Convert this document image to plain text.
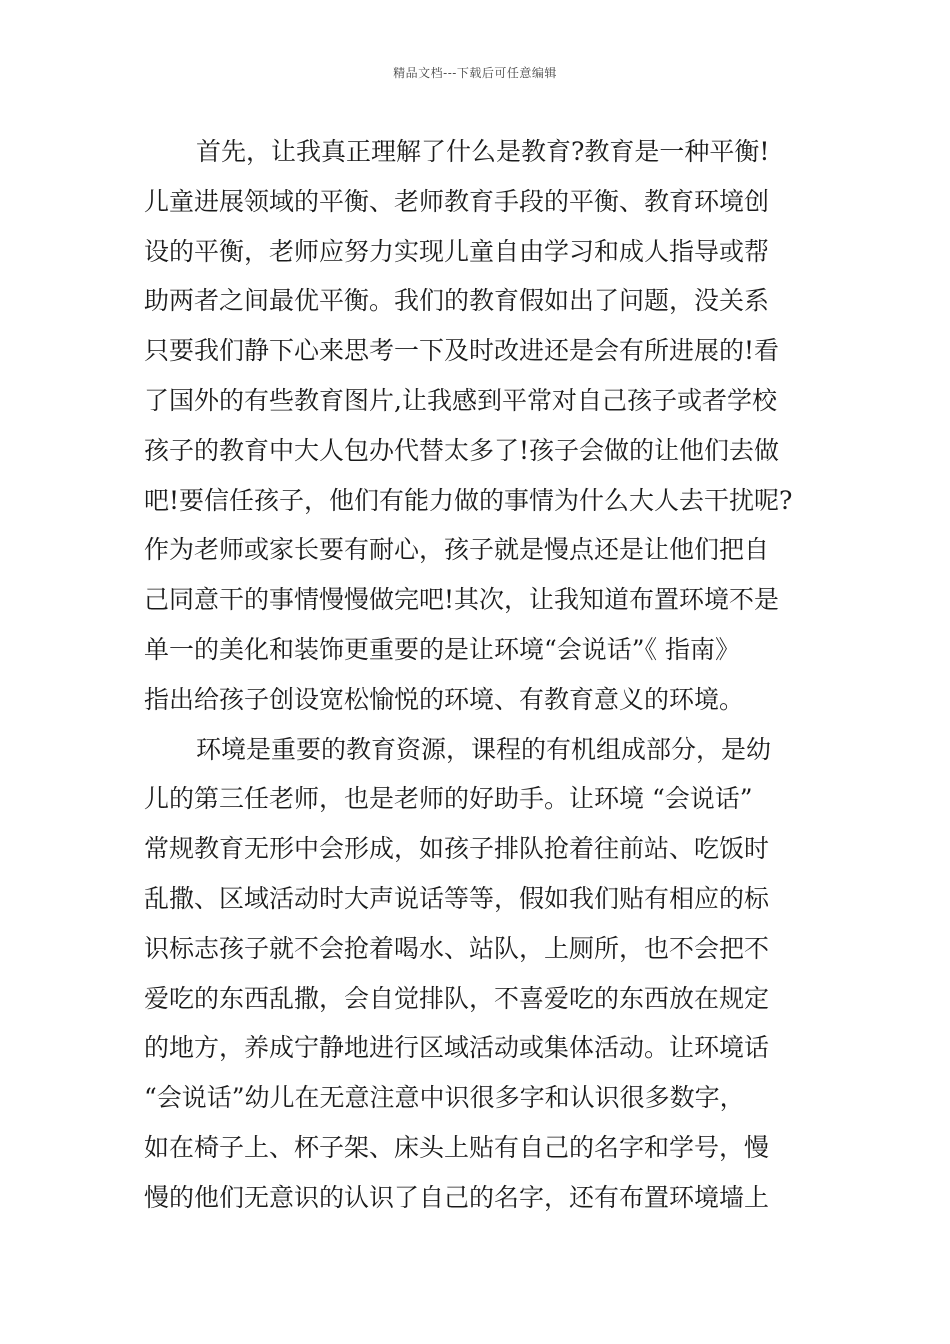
精品文档---下载后可任意编辑
首先，让我真正理解了什么是教育?教育是一种平衡!
儿童进展领域的平衡、老师教育手段的平衡、教育环境创
设的平衡，老师应努力实现儿童自由学习和成人指导或帮
助两者之间最优平衡。我们的教育假如出了问题，没关系
只要我们静下心来思考一下及时改进还是会有所进展的!看
了国外的有些教育图片,让我感到平常对自己孩子或者学校
孩子的教育中大人包办代替太多了!孩子会做的让他们去做
吧!要信任孩子，他们有能力做的事情为什么大人去干扰呢?
作为老师或家长要有耐心，孩子就是慢点还是让他们把自
己同意干的事情慢慢做完吧!其次，让我知道布置环境不是
单一的美化和装饰更重要的是让环境“会说话”《 指南》
指出给孩子创设宽松愉悦的环境、有教育意义的环境。
环境是重要的教育资源，课程的有机组成部分，是幼
儿的第三任老师，也是老师的好助手。让环境 “会说话”
常规教育无形中会形成，如孩子排队抢着往前站、吃饭时
乱撒、区域活动时大声说话等等，假如我们贴有相应的标
识标志孩子就不会抢着喝水、站队，上厕所，也不会把不
爱吃的东西乱撒，会自觉排队，不喜爱吃的东西放在规定
的地方，养成宁静地进行区域活动或集体活动。让环境话
“会说话”幼儿在无意注意中识很多字和认识很多数字，
如在椅子上、杯子架、床头上贴有自己的名字和学号，慢
慢的他们无意识的认识了自己的名字，还有布置环境墙上
